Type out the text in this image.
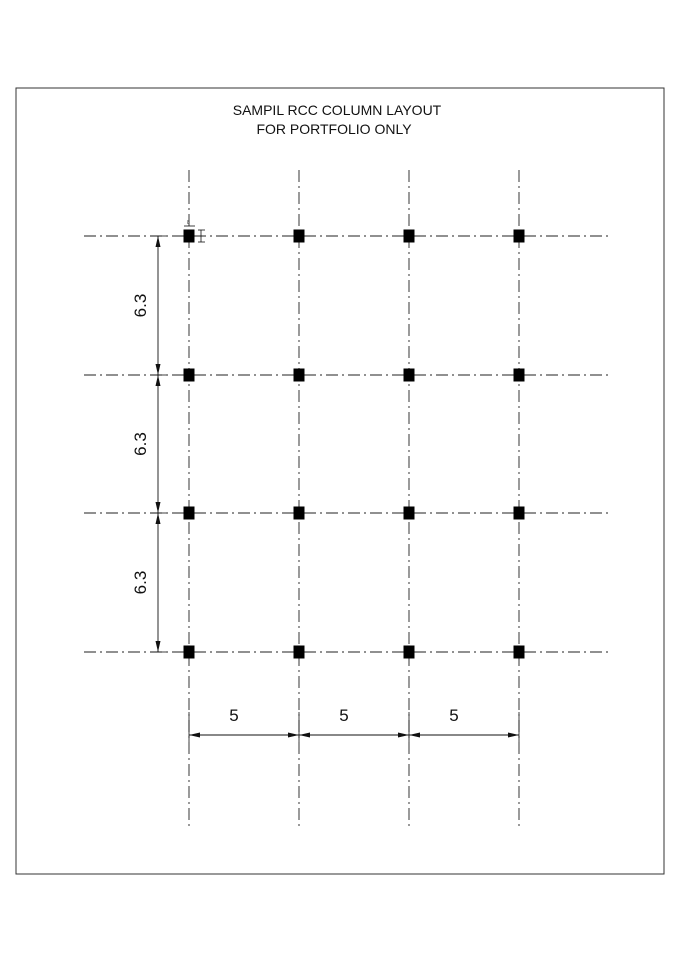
SAMPIL RCC COLUMN LAYOUT
FOR PORTFOLIO ONLY
8
6.3
6.3
6.3
5	5	5
